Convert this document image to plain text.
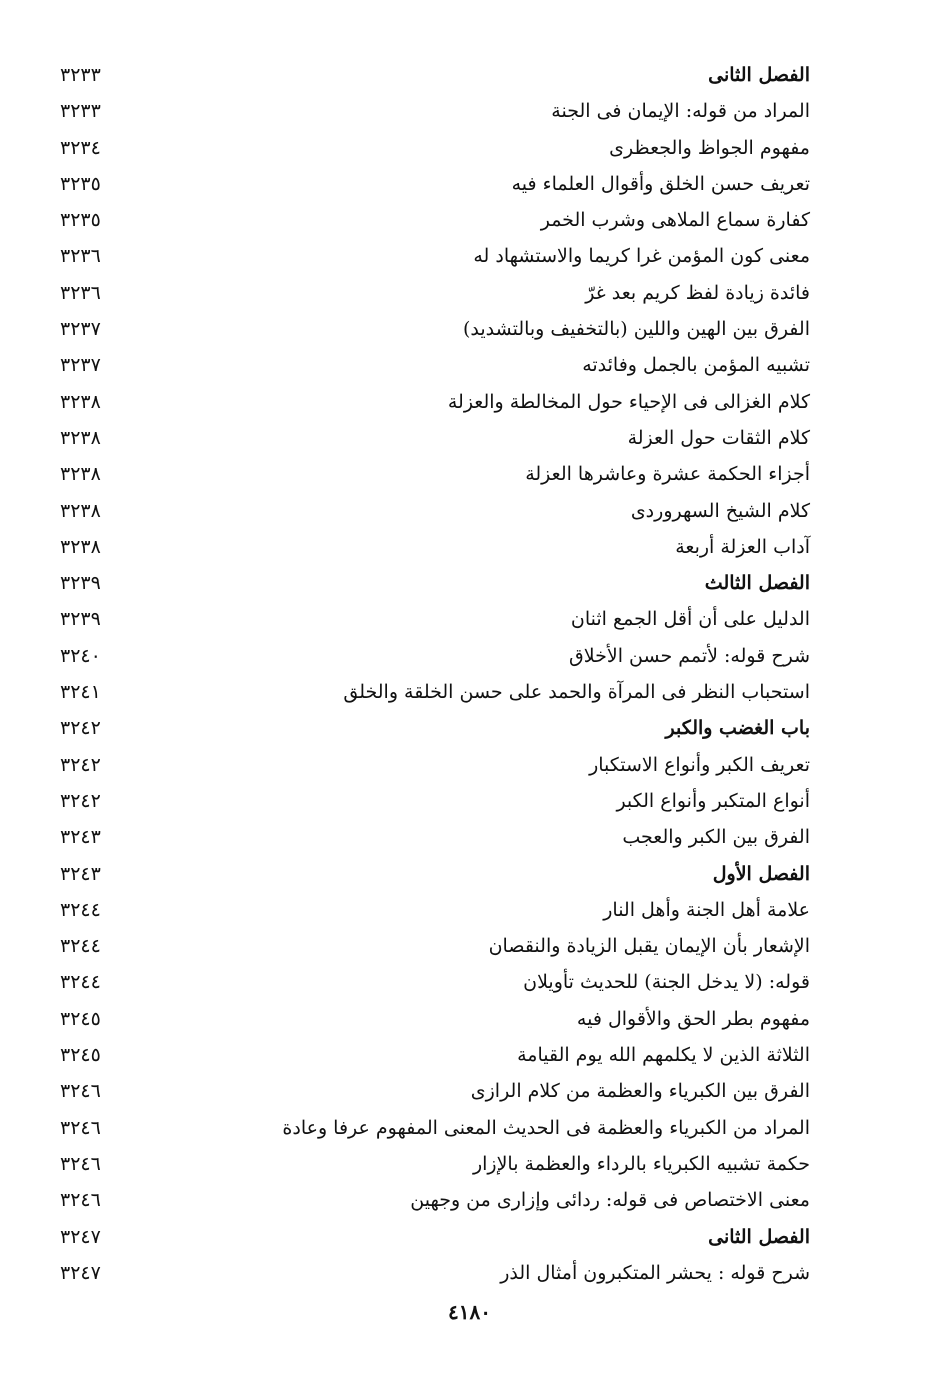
الفصل الثانى
٣٢٣٣
المراد من قوله: الإيمان فى الجنة
٣٢٣٣
مفهوم الجواظ والجعظرى
٣٢٣٤
تعريف حسن الخلق وأقوال العلماء فيه
٣٢٣٥
كفارة سماع الملاهى وشرب الخمر
٣٢٣٥
معنى كون المؤمن غرا كريما والاستشهاد له
٣٢٣٦
فائدة زيادة لفظ كريم بعد غرّ
٣٢٣٦
الفرق بين الهين واللين (بالتخفيف وبالتشديد)
٣٢٣٧
تشبيه المؤمن بالجمل وفائدته
٣٢٣٧
كلام الغزالى فى الإحياء حول المخالطة والعزلة
٣٢٣٨
كلام الثقات حول العزلة
٣٢٣٨
أجزاء الحكمة عشرة وعاشرها العزلة
٣٢٣٨
كلام الشيخ السهروردى
٣٢٣٨
آداب العزلة أربعة
٣٢٣٨
الفصل الثالث
٣٢٣٩
الدليل على أن أقل الجمع اثنان
٣٢٣٩
شرح قوله: لأتمم حسن الأخلاق
٣٢٤٠
استحباب النظر فى المرآة والحمد على حسن الخلقة والخلق
٣٢٤١
باب الغضب والكبر
٣٢٤٢
تعريف الكبر وأنواع الاستكبار
٣٢٤٢
أنواع المتكبر وأنواع الكبر
٣٢٤٢
الفرق بين الكبر والعجب
٣٢٤٣
الفصل الأول
٣٢٤٣
علامة أهل الجنة وأهل النار
٣٢٤٤
الإشعار بأن الإيمان يقبل الزيادة والنقصان
٣٢٤٤
قوله: (لا يدخل الجنة) للحديث تأويلان
٣٢٤٤
مفهوم بطر الحق والأقوال فيه
٣٢٤٥
الثلاثة الذين لا يكلمهم الله يوم القيامة
٣٢٤٥
الفرق بين الكبرياء والعظمة من كلام الرازى
٣٢٤٦
المراد من الكبرياء والعظمة فى الحديث المعنى المفهوم عرفا وعادة
٣٢٤٦
حكمة تشبيه الكبرياء بالرداء والعظمة بالإزار
٣٢٤٦
معنى الاختصاص فى قوله: ردائى وإزارى من وجهين
٣٢٤٦
الفصل الثانى
٣٢٤٧
شرح قوله : يحشر المتكبرون أمثال الذر
٣٢٤٧
٤١٨٠
